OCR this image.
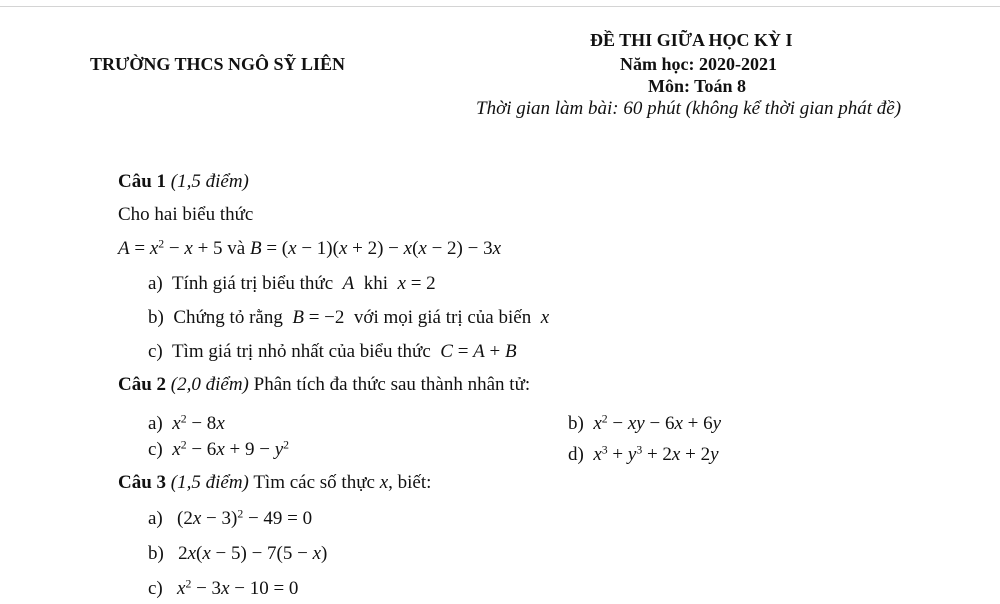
TRƯỜNG THCS NGÔ SỸ LIÊN
ĐỀ THI GIỮA HỌC KỲ I
Năm học: 2020-2021
Môn: Toán 8
Thời gian làm bài: 60 phút (không kể thời gian phát đề)
Câu 1 (1,5 điểm)
Cho hai biểu thức
$A = x^2 - x + 5$ và B = (x − 1)(x + 2) − x(x − 2) − 3x
a) Tính giá trị biểu thức  A  khi  x = 2
b) Chứng tỏ rằng  B = −2  với mọi giá trị của biến  x
c) Tìm giá trị nhỏ nhất của biểu thức  C = A + B
Câu 2 (2,0 điểm) Phân tích đa thức sau thành nhân tử:
a) $x^2 - 8x$	b) $x^2$ − xy − 6x + 6y
c) $x^2 - 6x + 9 - y^2$	d) $x^3 + y^3 + 2x + 2y$
Câu 3 (1,5 điểm) Tìm các số thực x, biết:
a)   $(2x - 3)^2 - 49 = 0$
b)   2x(x − 5) − 7(5 − x)
c) $x^2 - 3x - 10 = 0$
